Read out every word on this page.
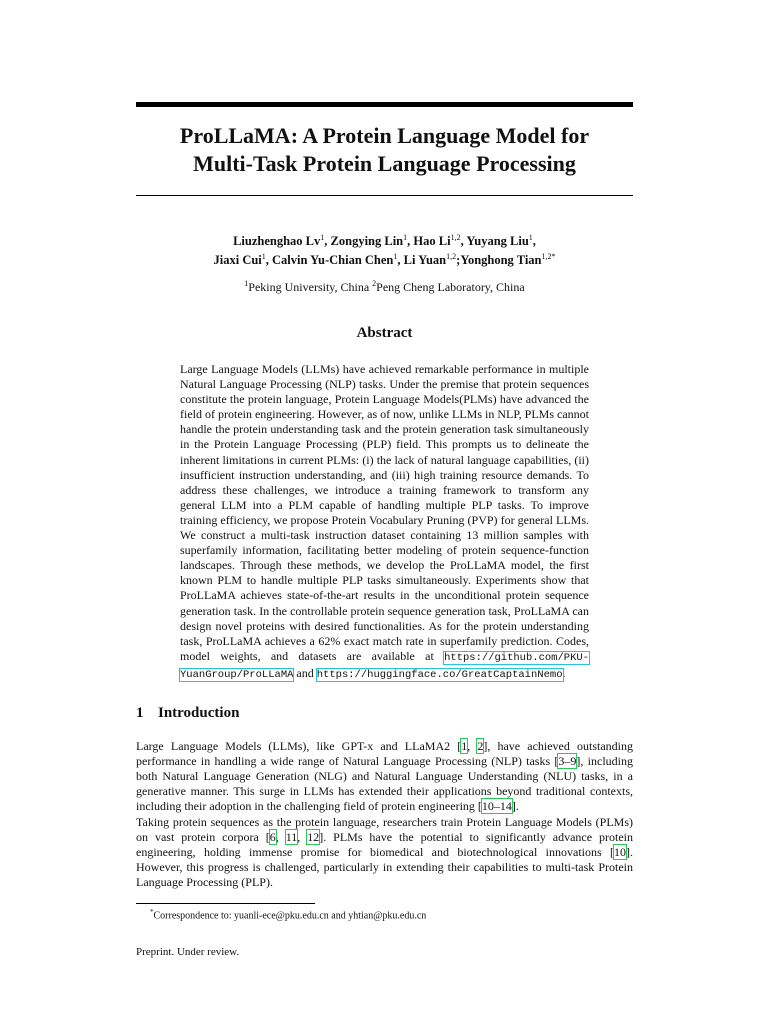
ProLLaMA: A Protein Language Model for
Multi-Task Protein Language Processing
Liuzhenghao Lv$^1$, Zongying Lin$^1$, Hao Li$^{1,2}$, Yuyang Liu$^1$,
Jiaxi Cui$^1$, Calvin Yu-Chian Chen$^1$, Li Yuan$^{1,2}$;Yonghong Tian$^{1,2*}$
$^1$Peking University, China $^2$Peng Cheng Laboratory, China
Abstract
Large Language Models (LLMs) have achieved remarkable performance in multiple Natural Language Processing (NLP) tasks. Under the premise that protein sequences constitute the protein language, Protein Language Models(PLMs) have advanced the field of protein engineering. However, as of now, unlike LLMs in NLP, PLMs cannot handle the protein understanding task and the protein generation task simultaneously in the Protein Language Processing (PLP) field. This prompts us to delineate the inherent limitations in current PLMs: (i) the lack of natural language capabilities, (ii) insufficient instruction understanding, and (iii) high training resource demands. To address these challenges, we introduce a training framework to transform any general LLM into a PLM capable of handling multiple PLP tasks. To improve training efficiency, we propose Protein Vocabulary Pruning (PVP) for general LLMs. We construct a multi-task instruction dataset containing 13 million samples with superfamily information, facilitating better modeling of protein sequence-function landscapes. Through these methods, we develop the ProLLaMA model, the first known PLM to handle multiple PLP tasks simultaneously. Experiments show that ProLLaMA achieves state-of-the-art results in the unconditional protein sequence generation task. In the controllable protein sequence generation task, ProLLaMA can design novel proteins with desired functionalities. As for the protein understanding task, ProLLaMA achieves a 62% exact match rate in superfamily prediction. Codes, model weights, and datasets are available at https://github.com/PKU-YuanGroup/ProLLaMA and https://huggingface.co/GreatCaptainNemo.
1 Introduction
Large Language Models (LLMs), like GPT-x and LLaMA2 [1, 2], have achieved outstanding performance in handling a wide range of Natural Language Processing (NLP) tasks [3–9], including both Natural Language Generation (NLG) and Natural Language Understanding (NLU) tasks, in a generative manner. This surge in LLMs has extended their applications beyond traditional contexts, including their adoption in the challenging field of protein engineering [10–14].
Taking protein sequences as the protein language, researchers train Protein Language Models (PLMs) on vast protein corpora [6, 11, 12]. PLMs have the potential to significantly advance protein engineering, holding immense promise for biomedical and biotechnological innovations [10]. However, this progress is challenged, particularly in extending their capabilities to multi-task Protein Language Processing (PLP).
*Correspondence to: yuanli-ece@pku.edu.cn and yhtian@pku.edu.cn
Preprint. Under review.
